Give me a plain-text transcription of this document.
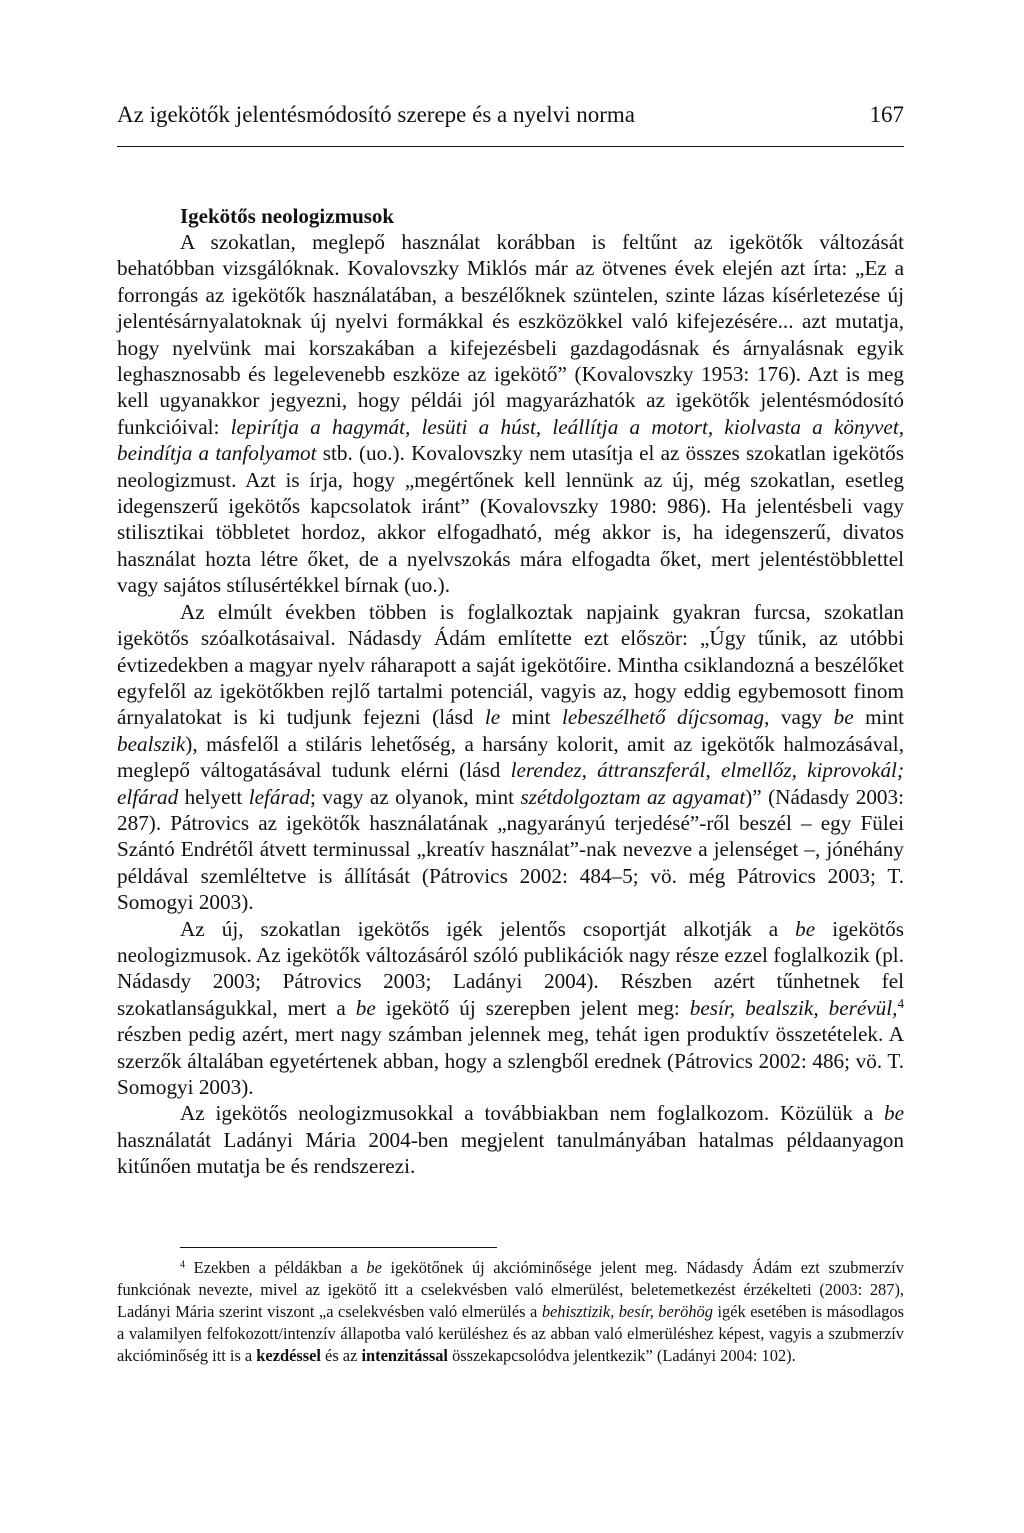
Az igekötők jelentésmódosító szerepe és a nyelvi norma	167
Igekötős neologizmusok

A szokatlan, meglepő használat korábban is feltűnt az igekötők változását behatóbban vizsgálóknak. Kovalovszky Miklós már az ötvenes évek elején azt írta: „Ez a forrongás az igekötők használatában, a beszélőknek szüntelen, szinte lázas kísérletezése új jelentésárnyalatoknak új nyelvi formákkal és eszközökkel való kifejezésére... azt mutatja, hogy nyelvünk mai korszakában a kifejezésbeli gazdagodásnak és árnyalásnak egyik leghasznosabb és legelevenebb eszköze az igekötő” (Kovalovszky 1953: 176). Azt is meg kell ugyanakkor jegyezni, hogy példái jól magyarázhatók az igekötők jelentésmódosító funkcióival: lepirítja a hagymát, lesüti a húst, leállítja a motort, kiolvasta a könyvet, beindítja a tanfolyamot stb. (uo.). Kovalovszky nem utasítja el az összes szokatlan igekötős neologizmust. Azt is írja, hogy „megértőnek kell lennünk az új, még szokatlan, esetleg idegenszerű igekötős kapcsolatok iránt” (Kovalovszky 1980: 986). Ha jelentésbeli vagy stilisztikai többletet hordoz, akkor elfogadható, még akkor is, ha idegenszerű, divatos használat hozta létre őket, de a nyelvszokás mára elfogadta őket, mert jelentéstöbblettel vagy sajátos stílusértékkel bírnak (uo.).

Az elmúlt években többen is foglalkoztak napjaink gyakran furcsa, szokatlan igekötős szóalkotásaival. Nádasdy Ádám említette ezt először: „Úgy tűnik, az utóbbi évtizedekben a magyar nyelv ráharapott a saját igekötőire. Mintha csiklandozná a beszélőket egyfelől az igekötőkben rejlő tartalmi potenciál, vagyis az, hogy eddig egybemosott finom árnyalatokat is ki tudjunk fejezni (lásd le mint lebeszélhető díjcsomag, vagy be mint bealszik), másfelől a stiláris lehetőség, a harsány kolorit, amit az igekötők halmozásával, meglepő váltogatásával tudunk elérni (lásd lerendez, áttranszferál, elmellőz, kiprovokál; elfárad helyett lefárad; vagy az olyanok, mint szétdolgoztam az agyamat)” (Nádasdy 2003: 287). Pátrovics az igekötők használatának „nagyarányú terjedésé”-ről beszél – egy Fülei Szántó Endrétől átvett terminussal „kreatív használat”-nak nevezve a jelenséget –, jónéhány példával szemléltetve is állítását (Pátrovics 2002: 484–5; vö. még Pátrovics 2003; T. Somogyi 2003).

Az új, szokatlan igekötős igék jelentős csoportját alkotják a be igekötős neologizmusok. Az igekötők változásáról szóló publikációk nagy része ezzel foglalkozik (pl. Nádasdy 2003; Pátrovics 2003; Ladányi 2004). Részben azért tűnhetnek fel szokatlanságukkal, mert a be igekötő új szerepben jelent meg: besír, bealszik, berévül,$^4$ részben pedig azért, mert nagy számban jelennek meg, tehát igen produktív összetételek. A szerzők általában egyetértenek abban, hogy a szlengből erednek (Pátrovics 2002: 486; vö. T. Somogyi 2003).

Az igekötős neologizmusokkal a továbbiakban nem foglalkozom. Közülük a be használatát Ladányi Mária 2004-ben megjelent tanulmányában hatalmas példaanyagon kitűnően mutatja be és rendszerezi.

$^4$ Ezekben a példákban a be igekötőnek új akcióminősége jelent meg. Nádasdy Ádám ezt szubmerzív funkciónak nevezte, mivel az igekötő itt a cselekvésben való elmerülést, beletemetkezést érzékelteti (2003: 287), Ladányi Mária szerint viszont „a cselekvésben való elmerülés a behisztizik, besír, beröhög igék esetében is másodlagos a valamilyen felfokozott/intenzív állapotba való kerüléshez és az abban való elmerüléshez képest, vagyis a szubmerzív akcióminőség itt is a kezdéssel és az intenzitással összekapcsolódva jelentkezik” (Ladányi 2004: 102).
